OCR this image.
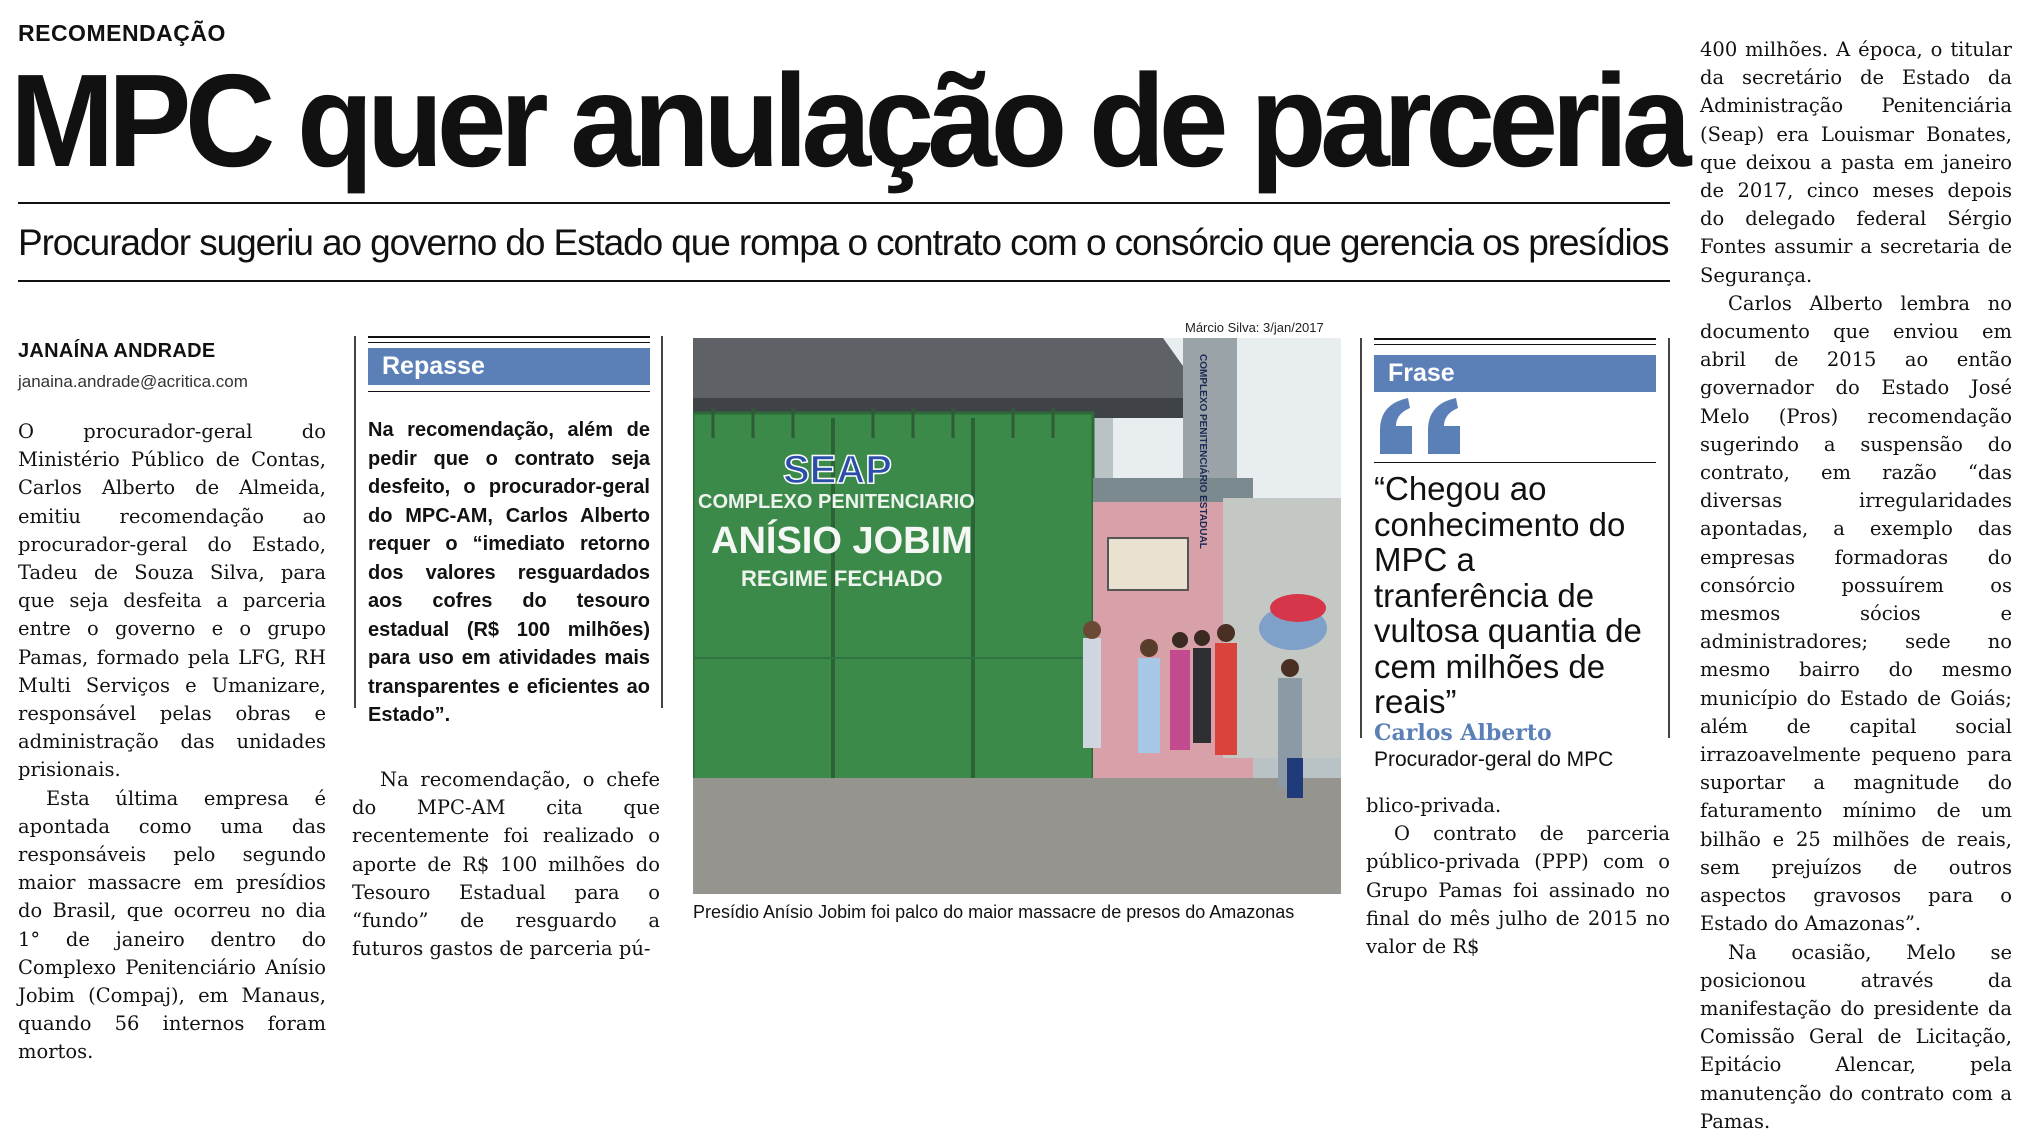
RECOMENDAÇÃO
MPC quer anulação de parceria
Procurador sugeriu ao governo do Estado que rompa o contrato com o consórcio que gerencia os presídios
JANAÍNA ANDRADE
janaina.andrade@acritica.com

O procurador-geral do Ministério Público de Contas, Carlos Alberto de Almeida, emitiu recomendação ao procurador-geral do Estado, Tadeu de Souza Silva, para que seja desfeita a parceria entre o governo e o grupo Pamas, formado pela LFG, RH Multi Serviços e Umanizare, responsável pelas obras e administração das unidades prisionais.

Esta última empresa é apontada como uma das responsáveis pelo segundo maior massacre em presídios do Brasil, que ocorreu no dia 1° de janeiro dentro do Complexo Penitenciário Anísio Jobim (Compaj), em Manaus, quando 56 internos foram mortos.

Repasse
Na recomendação, além de pedir que o contrato seja desfeito, o procurador-geral do MPC-AM, Carlos Alberto requer o “imediato retorno dos valores resguardados aos cofres do tesouro estadual (R$ 100 milhões) para uso em atividades mais transparentes e eficientes ao Estado”.

Na recomendação, o chefe do MPC-AM cita que recentemente foi realizado o aporte de R$ 100 milhões do Tesouro Estadual para o “fundo” de resguardo a futuros gastos de parceria pú-

Márcio Silva: 3/jan/2017
SEAP
COMPLEXO PENITENCIARIO
ANÍSIO JOBIM
REGIME FECHADO
COMPLEXO PENITENCIÁRIO ESTADUAL
Presídio Anísio Jobim foi palco do maior massacre de presos do Amazonas
Frase
“Chegou ao conhecimento do MPC a tranferência de vultosa quantia de cem milhões de reais”
Carlos Alberto
Procurador-geral do MPC

blico-privada.

O contrato de parceria público-privada (PPP) com o Grupo Pamas foi assinado no final do mês julho de 2015 no valor de R$

400 milhões. A época, o titular da secretário de Estado da Administração Penitenciária (Seap) era Louismar Bonates, que deixou a pasta em janeiro de 2017, cinco meses depois do delegado federal Sérgio Fontes assumir a secretaria de Segurança.

Carlos Alberto lembra no documento que enviou em abril de 2015 ao então governador do Estado José Melo (Pros) recomendação sugerindo a suspensão do contrato, em razão “das diversas irregularidades apontadas, a exemplo das empresas formadoras do consórcio possuírem os mesmos sócios e administradores; sede no mesmo bairro do mesmo município do Estado de Goiás; além de capital social irrazoavelmente pequeno para suportar a magnitude do faturamento mínimo de um bilhão e 25 milhões de reais, sem prejuízos de outros aspectos gravosos para o Estado do Amazonas”.

Na ocasião, Melo se posicionou através da manifestação do presidente da Comissão Geral de Licitação, Epitácio Alencar, pela manutenção do contrato com a Pamas.
